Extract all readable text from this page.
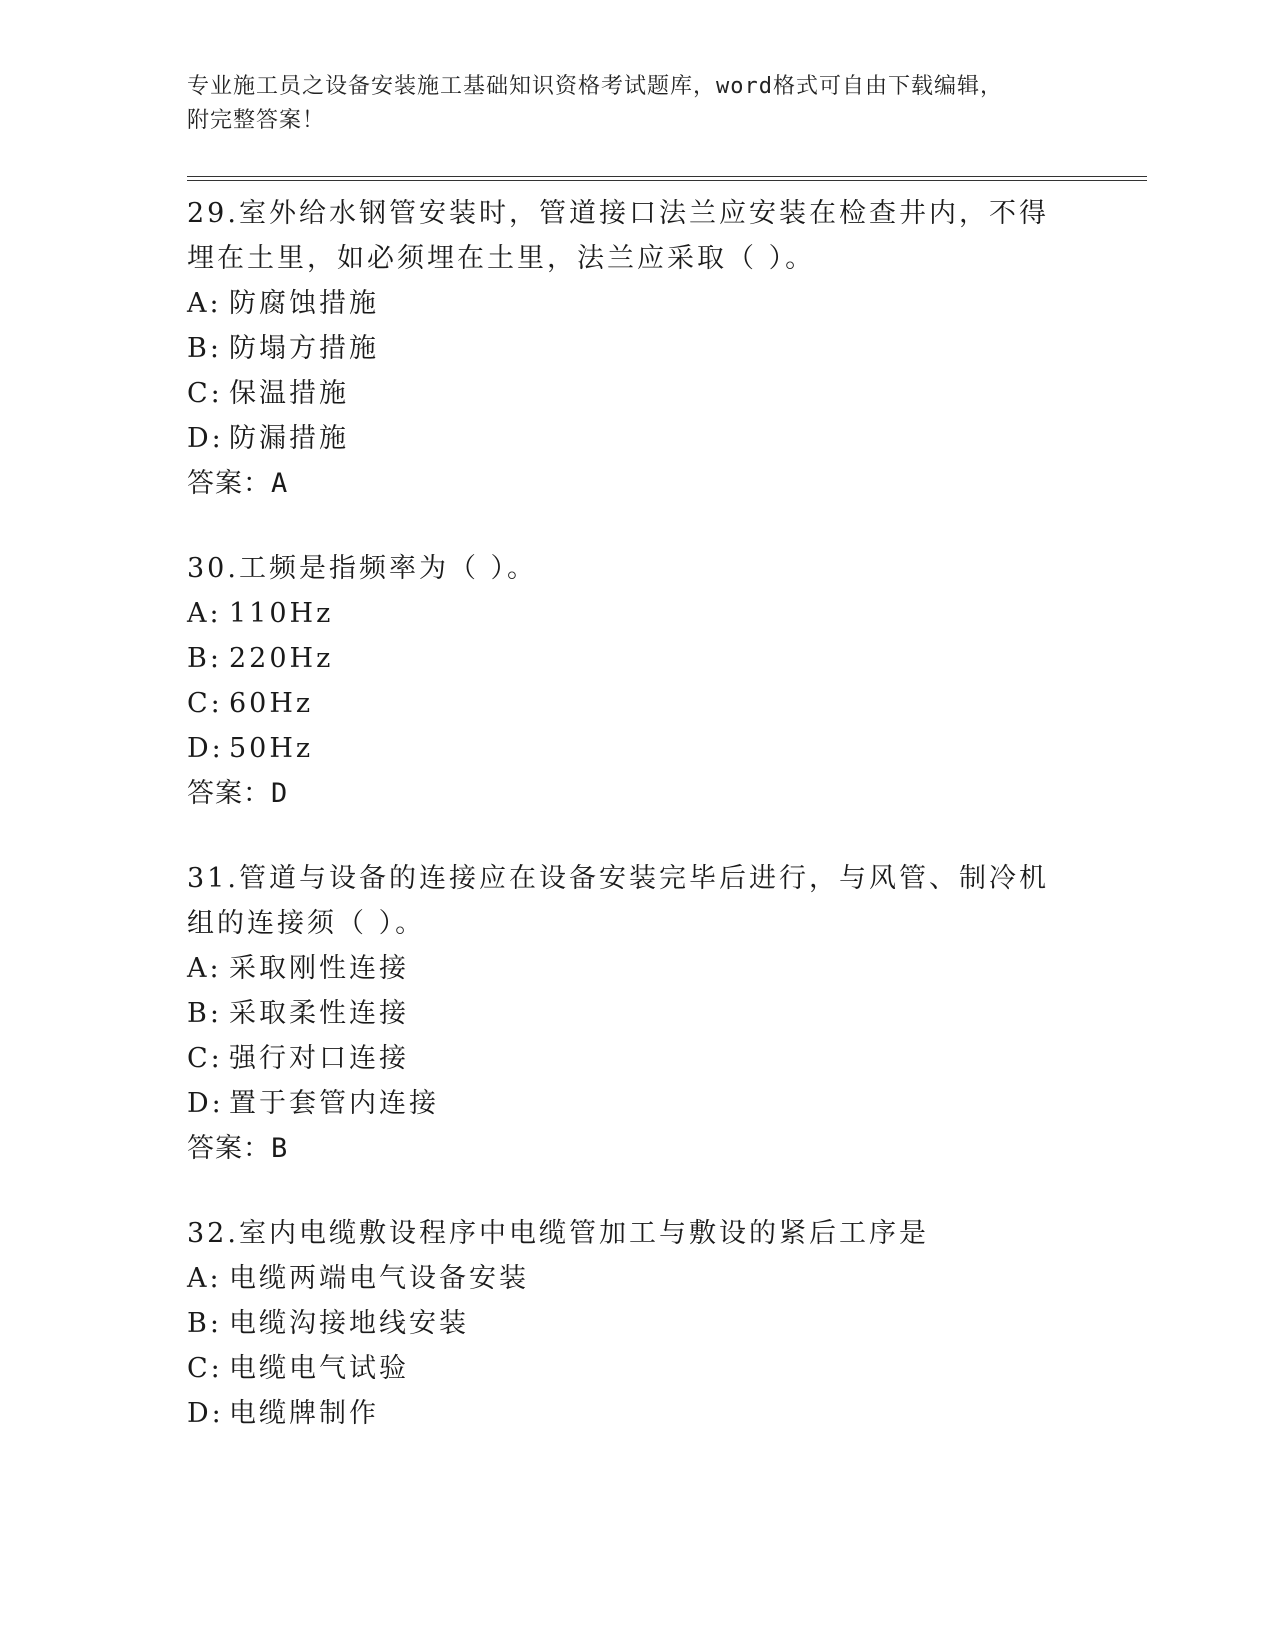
专业施工员之设备安装施工基础知识资格考试题库，word格式可自由下载编辑，

附完整答案！

29.室外给水钢管安装时，管道接口法兰应安装在检查井内，不得埋在土里，如必须埋在土里，法兰应采取（ ）。

A: 防腐蚀措施

B: 防塌方措施

C: 保温措施

D: 防漏措施

答案：A

30.工频是指频率为（ ）。

A: 110Hz

B: 220Hz

C: 60Hz

D: 50Hz

答案：D

31.管道与设备的连接应在设备安装完毕后进行，与风管、制冷机组的连接须（ ）。

A: 采取刚性连接

B: 采取柔性连接

C: 强行对口连接

D: 置于套管内连接

答案：B

32.室内电缆敷设程序中电缆管加工与敷设的紧后工序是

A: 电缆两端电气设备安装

B: 电缆沟接地线安装

C: 电缆电气试验

D: 电缆牌制作
